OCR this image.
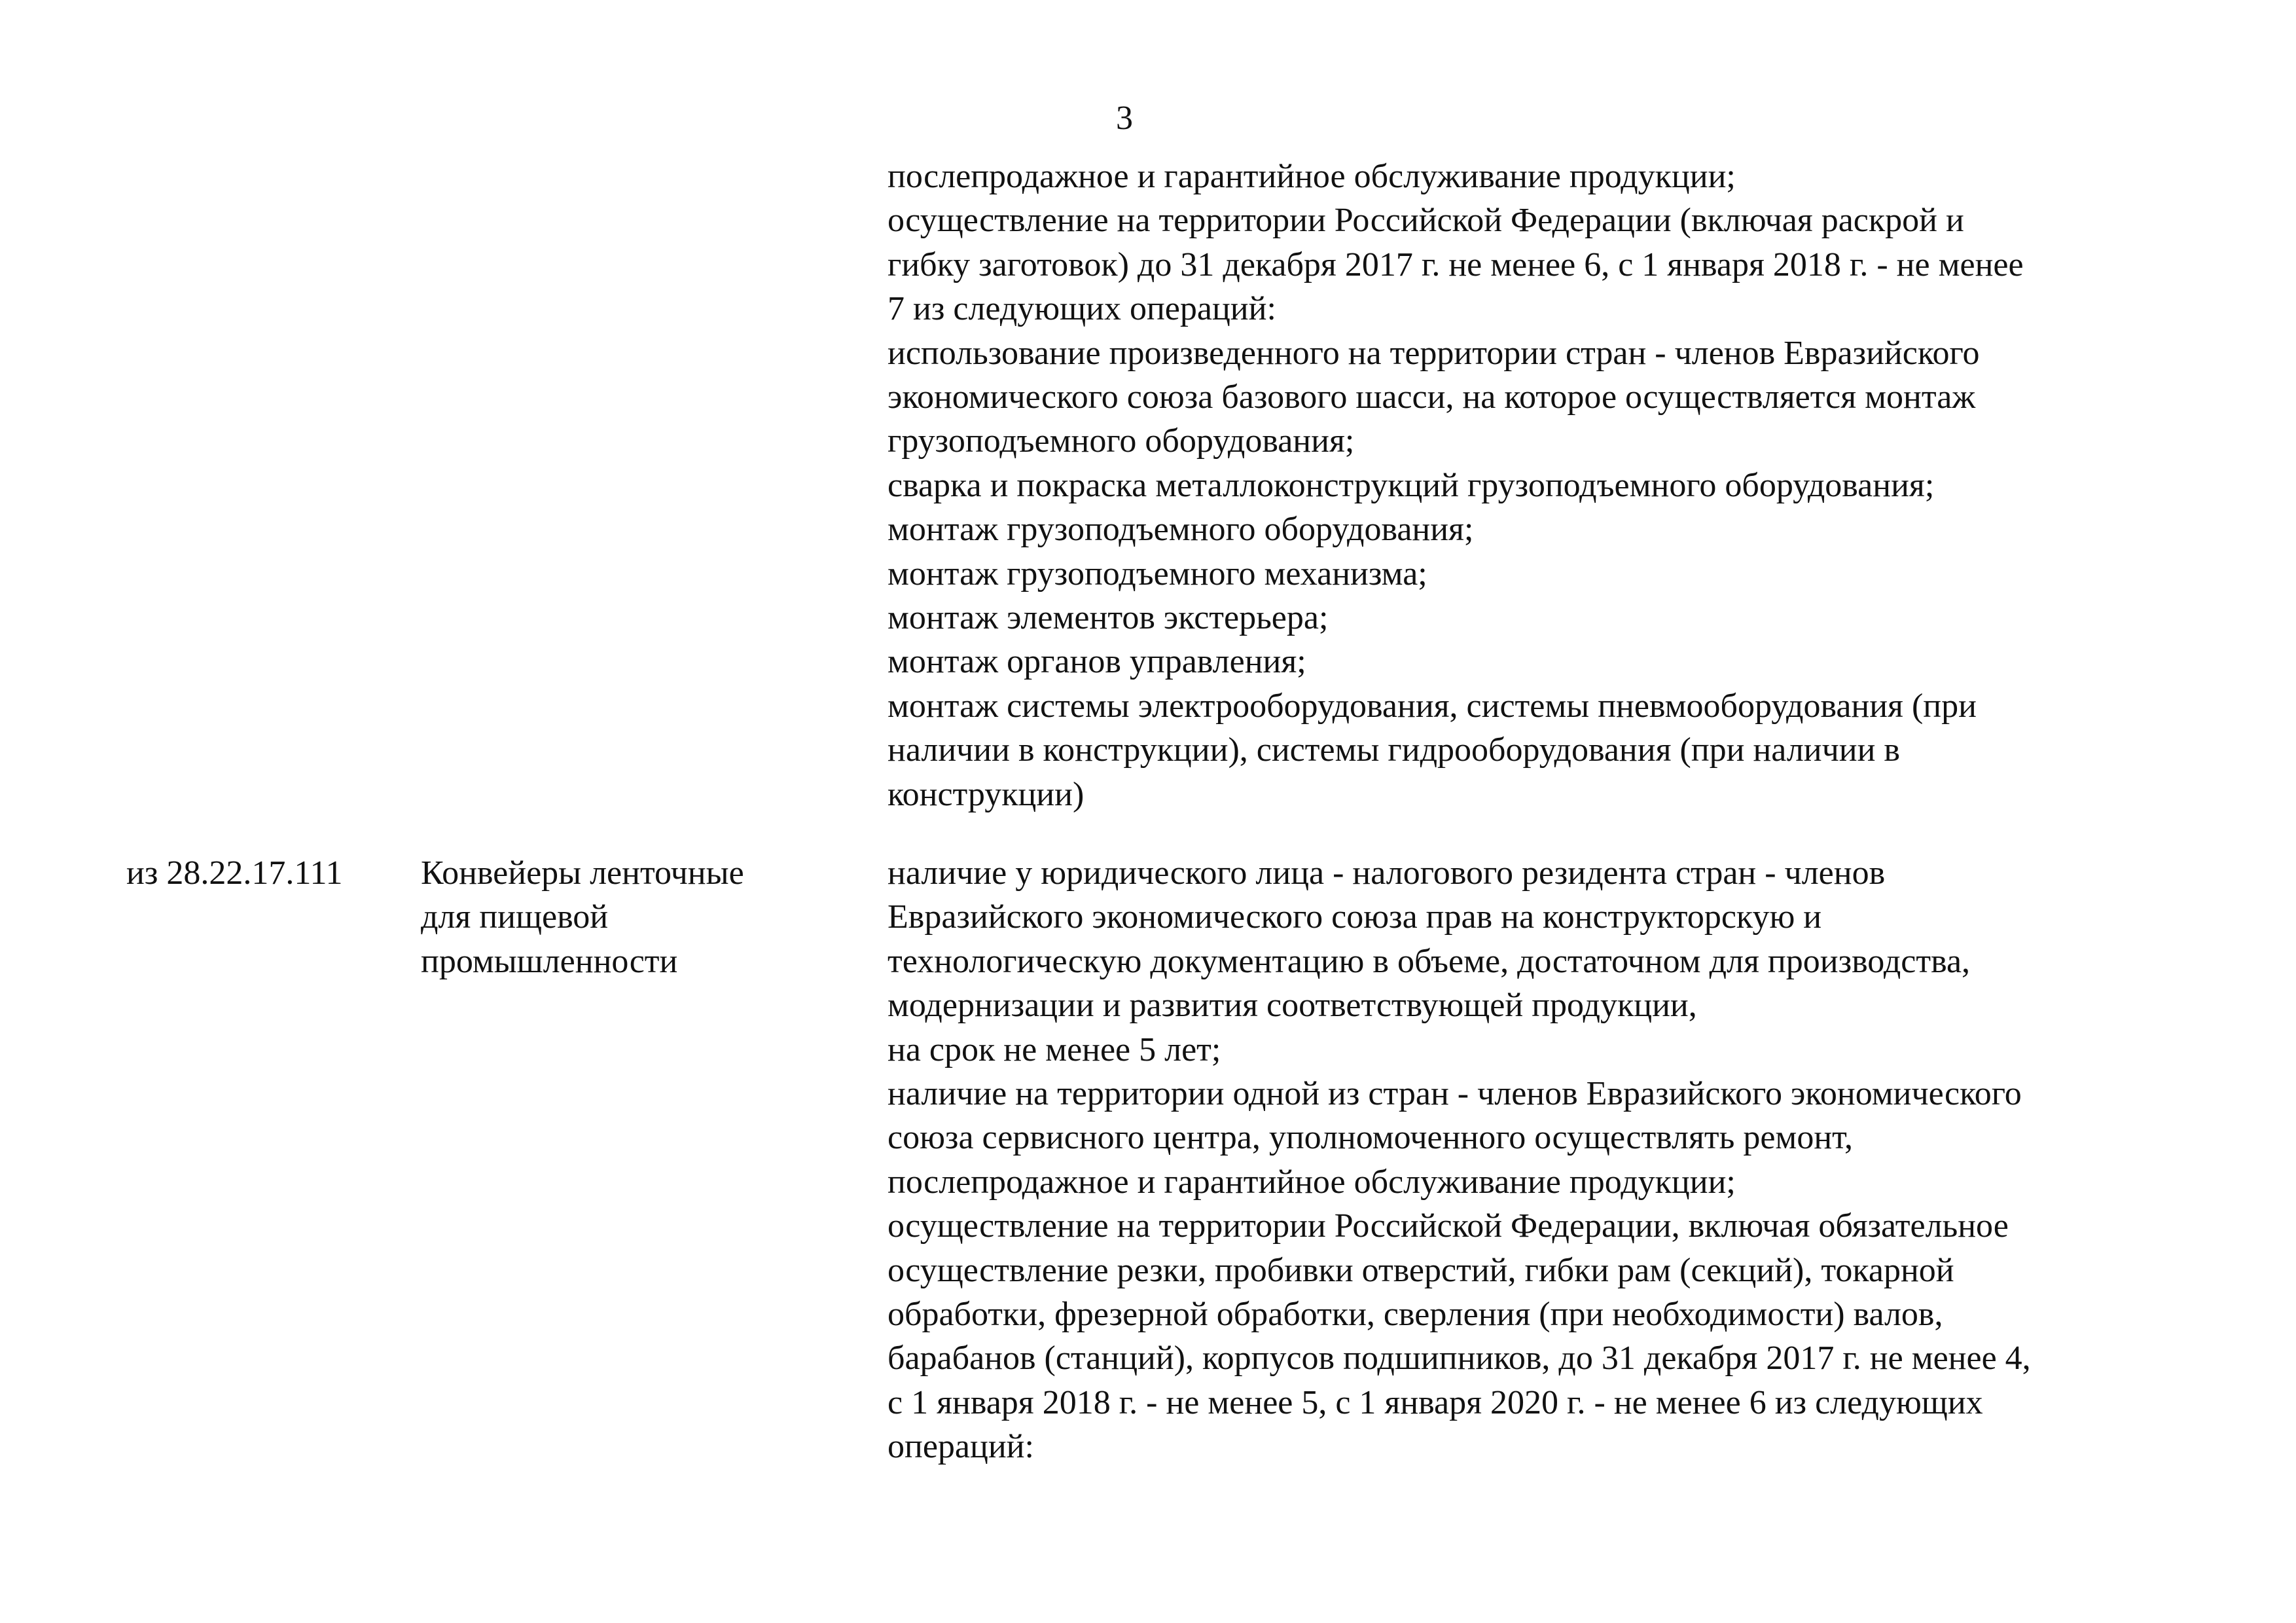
3
послепродажное и гарантийное обслуживание продукции;
осуществление на территории Российской Федерации (включая раскрой и
гибку заготовок) до 31 декабря 2017 г. не менее 6, с 1 января 2018 г. - не менее
7 из следующих операций:
использование произведенного на территории стран - членов Евразийского
экономического союза базового шасси, на которое осуществляется монтаж
грузоподъемного оборудования;
сварка и покраска металлоконструкций грузоподъемного оборудования;
монтаж грузоподъемного оборудования;
монтаж грузоподъемного механизма;
монтаж элементов экстерьера;
монтаж органов управления;
монтаж системы электрооборудования, системы пневмооборудования (при
наличии в конструкции), системы гидрооборудования (при наличии в
конструкции)
из 28.22.17.111 Конвейеры ленточные
для пищевой
промышленности
наличие у юридического лица - налогового резидента стран - членов
Евразийского экономического союза прав на конструкторскую и
технологическую документацию в объеме, достаточном для производства,
модернизации и развития соответствующей продукции,
на срок не менее 5 лет;
наличие на территории одной из стран - членов Евразийского экономического
союза сервисного центра, уполномоченного осуществлять ремонт,
послепродажное и гарантийное обслуживание продукции;
осуществление на территории Российской Федерации, включая обязательное
осуществление резки, пробивки отверстий, гибки рам (секций), токарной
обработки, фрезерной обработки, сверления (при необходимости) валов,
барабанов (станций), корпусов подшипников, до 31 декабря 2017 г. не менее 4,
с 1 января 2018 г. - не менее 5, с 1 января 2020 г. - не менее 6 из следующих
операций:
